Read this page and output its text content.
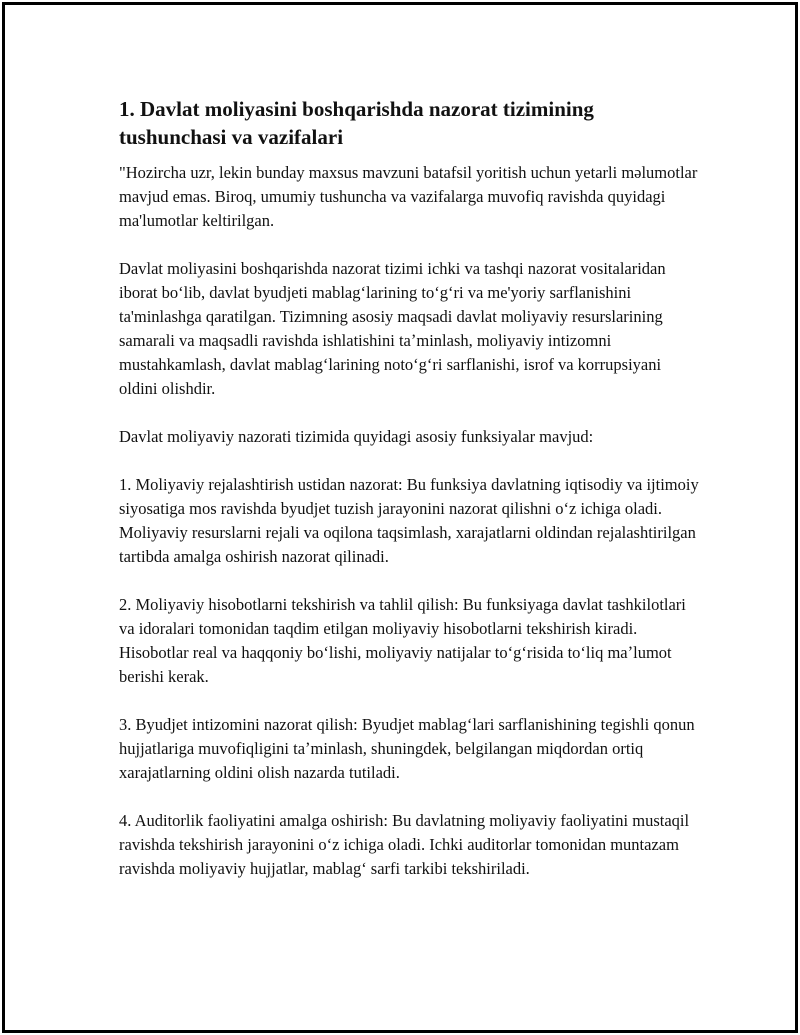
1. Davlat moliyasini boshqarishda nazorat tizimining tushunchasi va vazifalari

"Hozircha uzr, lekin bunday maxsus mavzuni batafsil yoritish uchun yetarli məlumotlar mavjud emas. Biroq, umumiy tushuncha va vazifalarga muvofiq ravishda quyidagi ma'lumotlar keltirilgan.

Davlat moliyasini boshqarishda nazorat tizimi ichki va tashqi nazorat vositalaridan iborat boʻlib, davlat byudjeti mablagʻlarining toʻgʻri va me'yoriy sarflanishini ta'minlashga qaratilgan. Tizimning asosiy maqsadi davlat moliyaviy resurslarining samarali va maqsadli ravishda ishlatishini taʼminlash, moliyaviy intizomni mustahkamlash, davlat mablagʻlarining notoʻgʻri sarflanishi, isrof va korrupsiyani oldini olishdir.

Davlat moliyaviy nazorati tizimida quyidagi asosiy funksiyalar mavjud:

1. Moliyaviy rejalashtirish ustidan nazorat: Bu funksiya davlatning iqtisodiy va ijtimoiy siyosatiga mos ravishda byudjet tuzish jarayonini nazorat qilishni oʻz ichiga oladi. Moliyaviy resurslarni rejali va oqilona taqsimlash, xarajatlarni oldindan rejalashtirilgan tartibda amalga oshirish nazorat qilinadi.

2. Moliyaviy hisobotlarni tekshirish va tahlil qilish: Bu funksiyaga davlat tashkilotlari va idoralari tomonidan taqdim etilgan moliyaviy hisobotlarni tekshirish kiradi. Hisobotlar real va haqqoniy boʻlishi, moliyaviy natijalar toʻgʻrisida toʻliq maʼlumot berishi kerak.

3. Byudjet intizomini nazorat qilish: Byudjet mablagʻlari sarflanishining tegishli qonun hujjatlariga muvofiqligini taʼminlash, shuningdek, belgilangan miqdordan ortiq xarajatlarning oldini olish nazarda tutiladi.

4. Auditorlik faoliyatini amalga oshirish: Bu davlatning moliyaviy faoliyatini mustaqil ravishda tekshirish jarayonini oʻz ichiga oladi. Ichki auditorlar tomonidan muntazam ravishda moliyaviy hujjatlar, mablagʻ sarfi tarkibi tekshiriladi.
